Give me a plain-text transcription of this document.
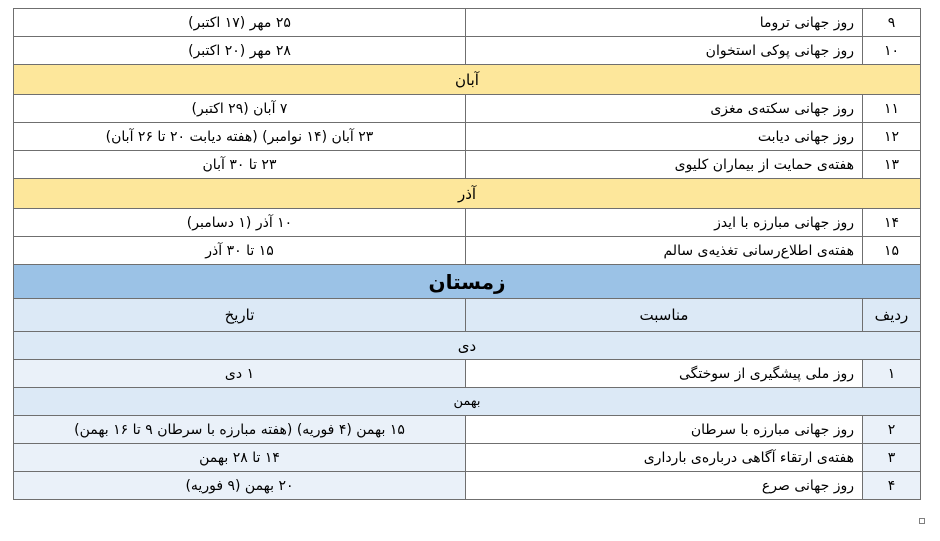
۹	روز جهانی تروما	۲۵ مهر (۱۷ اکتبر)
۱۰	روز جهانی پوکی استخوان	۲۸ مهر (۲۰ اکتبر)
آبان		
۱۱	روز جهانی سکته‌ی مغزی	۷ آبان (۲۹ اکتبر)
۱۲	روز جهانی دیابت	۲۳ آبان (۱۴ نوامبر) (هفته دیابت ۲۰ تا ۲۶ آبان)
۱۳	هفته‌ی حمایت از بیماران کلیوی	۲۳ تا ۳۰ آبان
آذر		
۱۴	روز جهانی مبارزه با ایدز	۱۰ آذر (۱ دسامبر)
۱۵	هفته‌ی اطلاع‌رسانی تغذیه‌ی سالم	۱۵ تا ۳۰ آذر
زمستان		
ردیف	مناسبت	تاریخ
دی		
۱	روز ملی پیشگیری از سوختگی	۱ دی
بهمن		
۲	روز جهانی مبارزه با سرطان	۱۵ بهمن (۴ فوریه) (هفته مبارزه با سرطان ۹ تا ۱۶ بهمن)
۳	هفته‌ی ارتقاء آگاهی درباره‌ی بارداری	۱۴ تا ۲۸ بهمن
۴	روز جهانی صرع	۲۰ بهمن (۹ فوریه)
